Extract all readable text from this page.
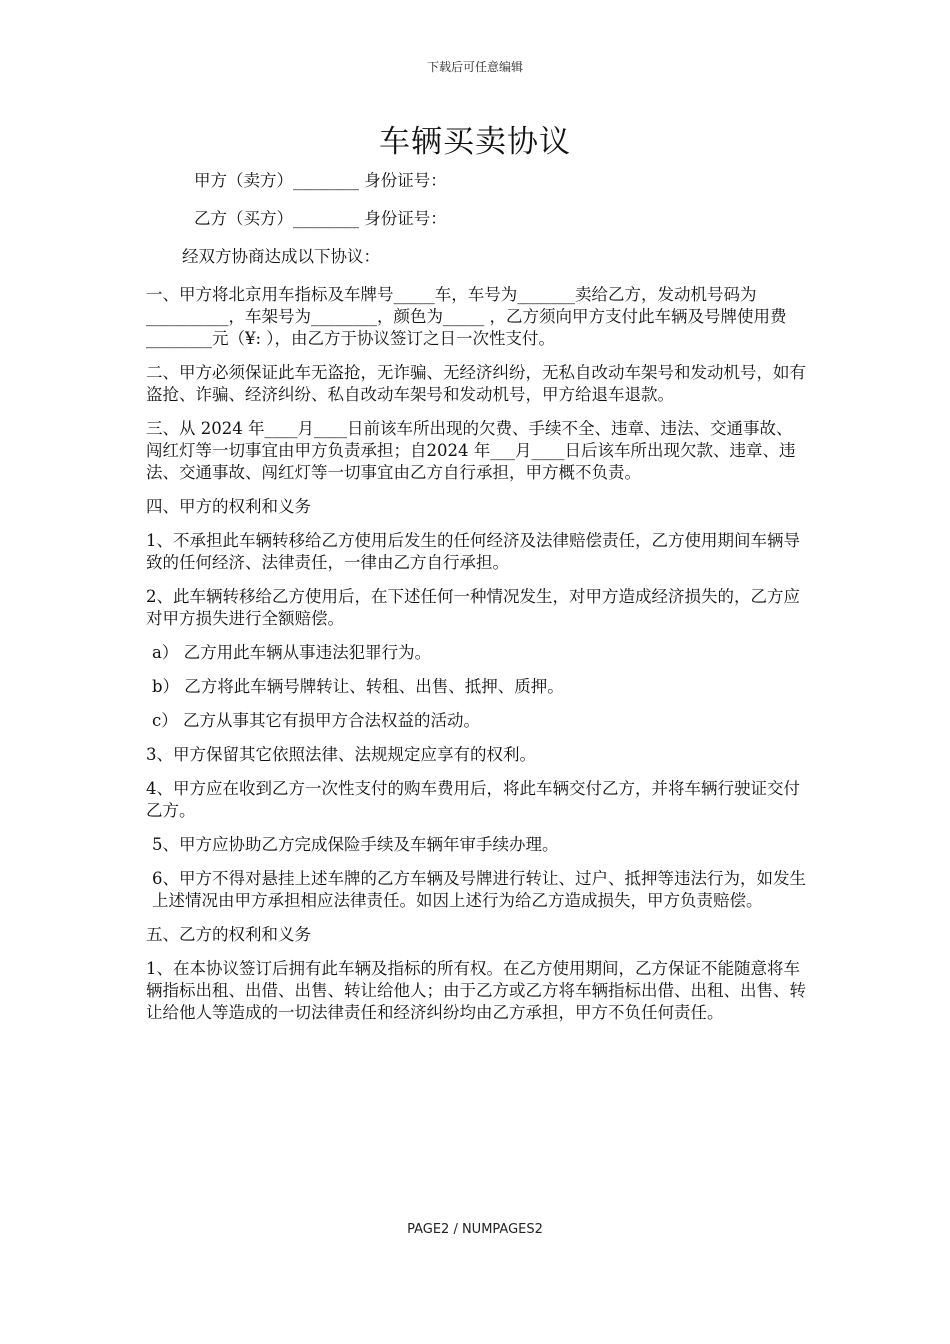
下载后可任意编辑
车辆买卖协议

甲方（卖方）________ 身份证号：

乙方（买方）________ 身份证号：

经双方协商达成以下协议：

一、甲方将北京用车指标及车牌号_____车，车号为_______卖给乙方，发动机号码为__________，车架号为________，颜色为_____ ，乙方须向甲方支付此车辆及号牌使用费________元（¥: ），由乙方于协议签订之日一次性支付。

二、甲方必须保证此车无盗抢，无诈骗、无经济纠纷，无私自改动车架号和发动机号，如有盗抢、诈骗、经济纠纷、私自改动车架号和发动机号，甲方给退车退款。

三、从 2024 年____月____日前该车所出现的欠费、手续不全、违章、违法、交通事故、闯红灯等一切事宜由甲方负责承担；自2024 年___月____日后该车所出现欠款、违章、违法、交通事故、闯红灯等一切事宜由乙方自行承担，甲方概不负责。

四、甲方的权利和义务

1、不承担此车辆转移给乙方使用后发生的任何经济及法律赔偿责任，乙方使用期间车辆导致的任何经济、法律责任，一律由乙方自行承担。

2、此车辆转移给乙方使用后，在下述任何一种情况发生，对甲方造成经济损失的，乙方应对甲方损失进行全额赔偿。

a） 乙方用此车辆从事违法犯罪行为。

b） 乙方将此车辆号牌转让、转租、出售、抵押、质押。

c） 乙方从事其它有损甲方合法权益的活动。

3、甲方保留其它依照法律、法规规定应享有的权利。

4、甲方应在收到乙方一次性支付的购车费用后，将此车辆交付乙方，并将车辆行驶证交付乙方。

5、甲方应协助乙方完成保险手续及车辆年审手续办理。

6、甲方不得对悬挂上述车牌的乙方车辆及号牌进行转让、过户、抵押等违法行为，如发生上述情况由甲方承担相应法律责任。如因上述行为给乙方造成损失，甲方负责赔偿。

五、乙方的权利和义务

1、在本协议签订后拥有此车辆及指标的所有权。在乙方使用期间，乙方保证不能随意将车辆指标出租、出借、出售、转让给他人；由于乙方或乙方将车辆指标出借、出租、出售、转让给他人等造成的一切法律责任和经济纠纷均由乙方承担，甲方不负任何责任。

PAGE2 / NUMPAGES2
